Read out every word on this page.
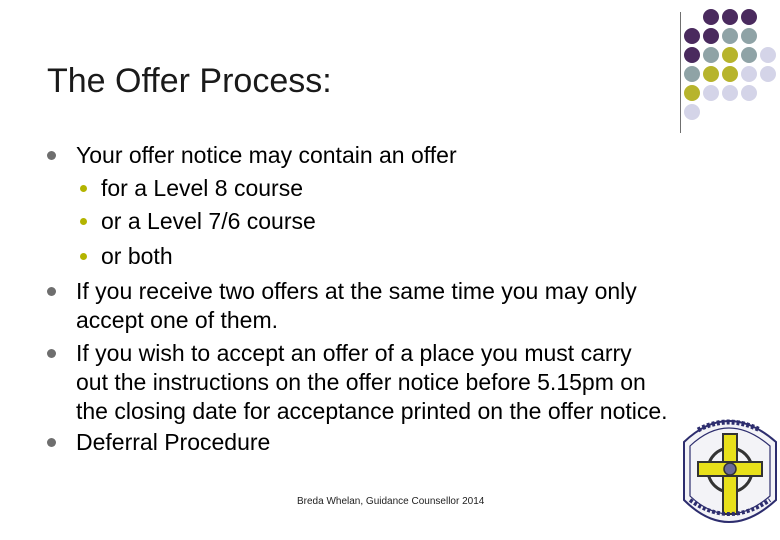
The Offer Process:
Your offer notice may contain an offer
for a Level 8 course
or a Level 7/6 course
or both
If you receive two offers at the same time you may only
accept one of them.
If you wish to accept an offer of a place you must carry
out the instructions on the offer notice before 5.15pm on
the closing date for acceptance printed on the offer notice.
Deferral Procedure
Breda Whelan, Guidance Counsellor 2014
